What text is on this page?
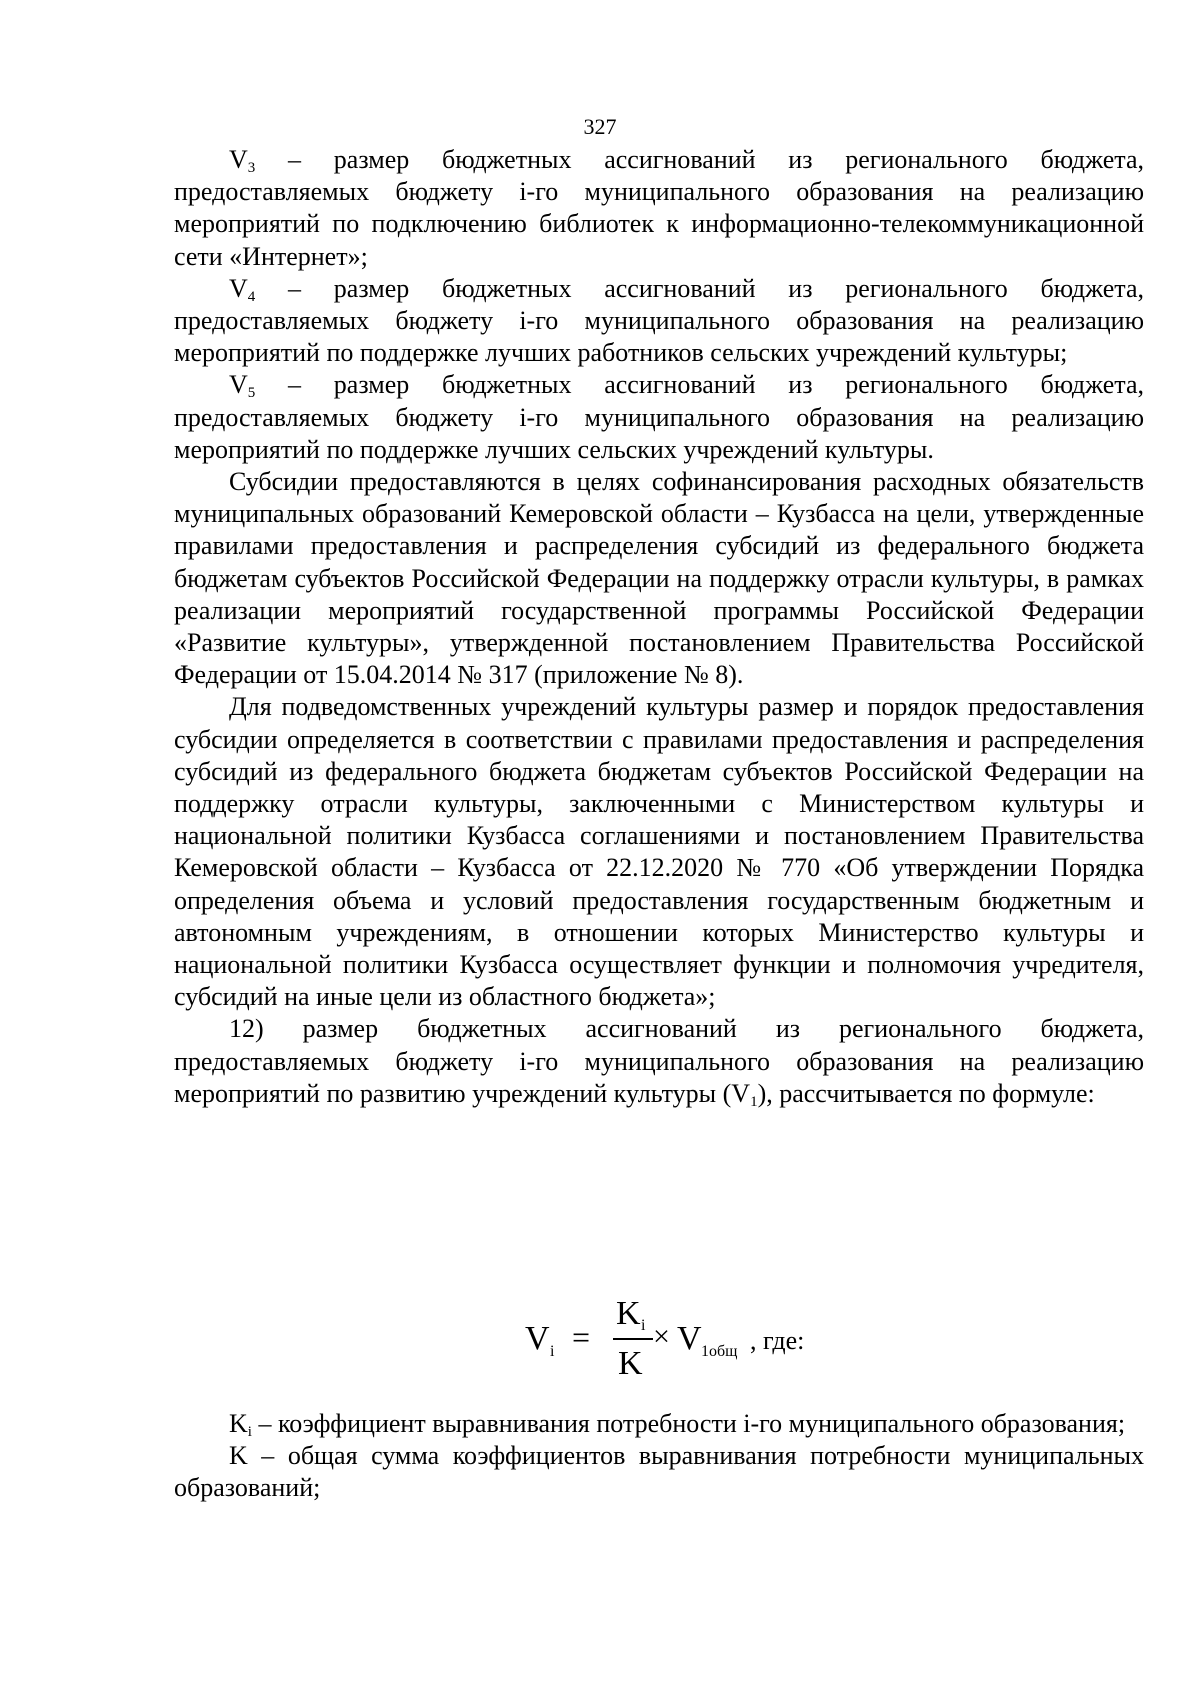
327

$V_3$ – размер бюджетных ассигнований из регионального бюджета, предоставляемых бюджету i-го муниципального образования на реализацию мероприятий по подключению библиотек к информационно-телекоммуникационной сети «Интернет»;

$V_4$ – размер бюджетных ассигнований из регионального бюджета, предоставляемых бюджету i-го муниципального образования на реализацию мероприятий по поддержке лучших работников сельских учреждений культуры;

$V_5$ – размер бюджетных ассигнований из регионального бюджета, предоставляемых бюджету i-го муниципального образования на реализацию мероприятий по поддержке лучших сельских учреждений культуры.

Субсидии предоставляются в целях софинансирования расходных обязательств муниципальных образований Кемеровской области – Кузбасса на цели, утвержденные правилами предоставления и распределения субсидий из федерального бюджета бюджетам субъектов Российской Федерации на поддержку отрасли культуры, в рамках реализации мероприятий государственной программы Российской Федерации «Развитие культуры», утвержденной постановлением Правительства Российской Федерации от 15.04.2014 № 317 (приложение № 8).

Для подведомственных учреждений культуры размер и порядок предоставления субсидии определяется в соответствии с правилами предоставления и распределения субсидий из федерального бюджета бюджетам субъектов Российской Федерации на поддержку отрасли культуры, заключенными с Министерством культуры и национальной политики Кузбасса соглашениями и постановлением Правительства Кемеровской области – Кузбасса от 22.12.2020 № 770 «Об утверждении Порядка определения объема и условий предоставления государственным бюджетным и автономным учреждениям, в отношении которых Министерство культуры и национальной политики Кузбасса осуществляет функции и полномочия учредителя, субсидий на иные цели из областного бюджета»;

12) размер бюджетных ассигнований из регионального бюджета, предоставляемых бюджету i-го муниципального образования на реализацию мероприятий по развитию учреждений культуры $(V_1)$, рассчитывается по формуле:

V i =
K i
K
× V 1общ , где:

$K_i$ – коэффициент выравнивания потребности i-го муниципального образования;

K – общая сумма коэффициентов выравнивания потребности муниципальных образований;
